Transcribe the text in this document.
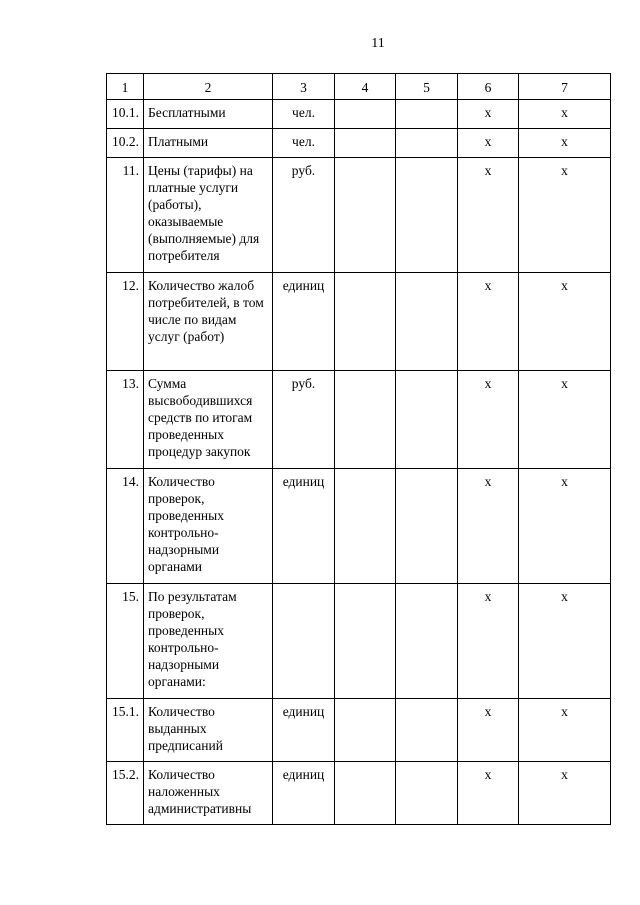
11
1	2	3	4	5	6	7
10.1.	Бесплатными	чел.			х	х
10.2.	Платными	чел.			х	х
11.	Цены (тарифы) на платные услуги (работы), оказываемые (выполняемые) для потребителя	руб.			х	х
12.	Количество жалоб потребителей, в том числе по видам услуг (работ)	единиц			х	х
13.	Сумма высвободившихся средств по итогам проведенных процедур закупок	руб.			х	х
14.	Количество проверок, проведенных контрольно-надзорными органами	единиц			х	х
15.	По результатам проверок, проведенных контрольно-надзорными органами:				х	х
15.1.	Количество выданных предписаний	единиц			х	х
15.2.	Количество наложенных административны	единиц			х	х
